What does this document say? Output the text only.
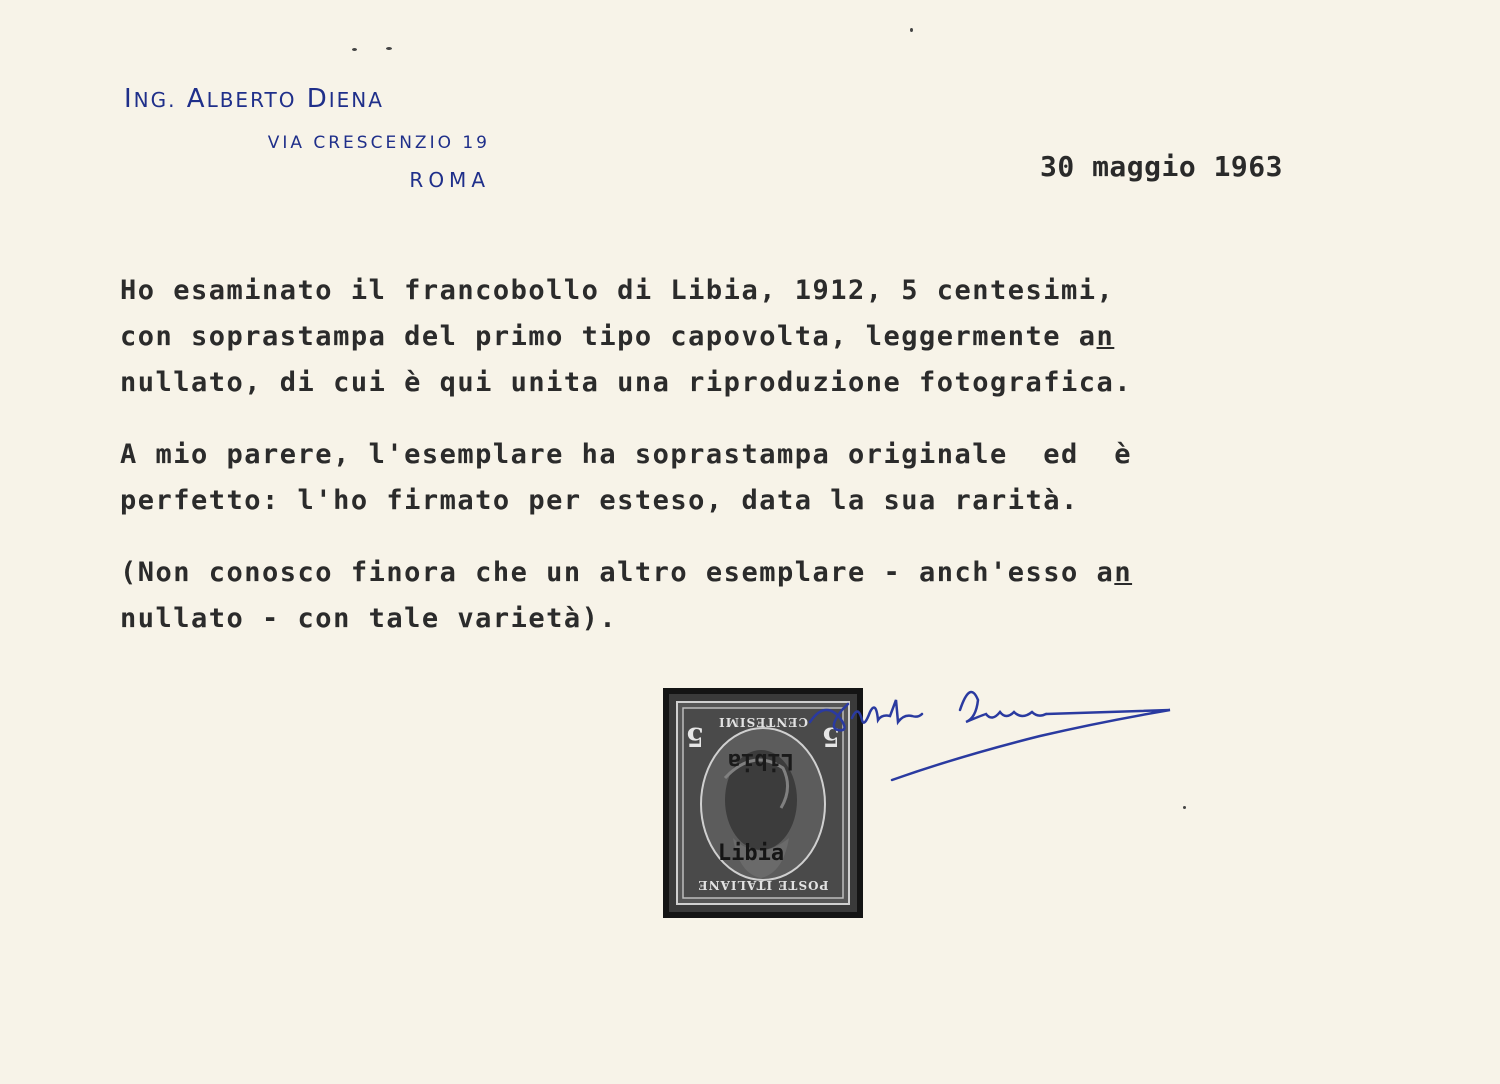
ING. ALBERTO DIENA
VIA CRESCENZIO 19
ROMA	30 maggio 1963
Ho esaminato il francobollo di Libia, 1912, 5 centesimi,
con soprastampa del primo tipo capovolta, leggermente an
nullato, di cui è qui unita una riproduzione fotografica.
A mio parere, l'esemplare ha soprastampa originale  ed  è
perfetto: l'ho firmato per esteso, data la sua rarità.
(Non conosco finora che un altro esemplare - anch'esso an
nullato - con tale varietà).
CENTESIMI
POSTE ITALIANE
5	5
Libia
Libia
